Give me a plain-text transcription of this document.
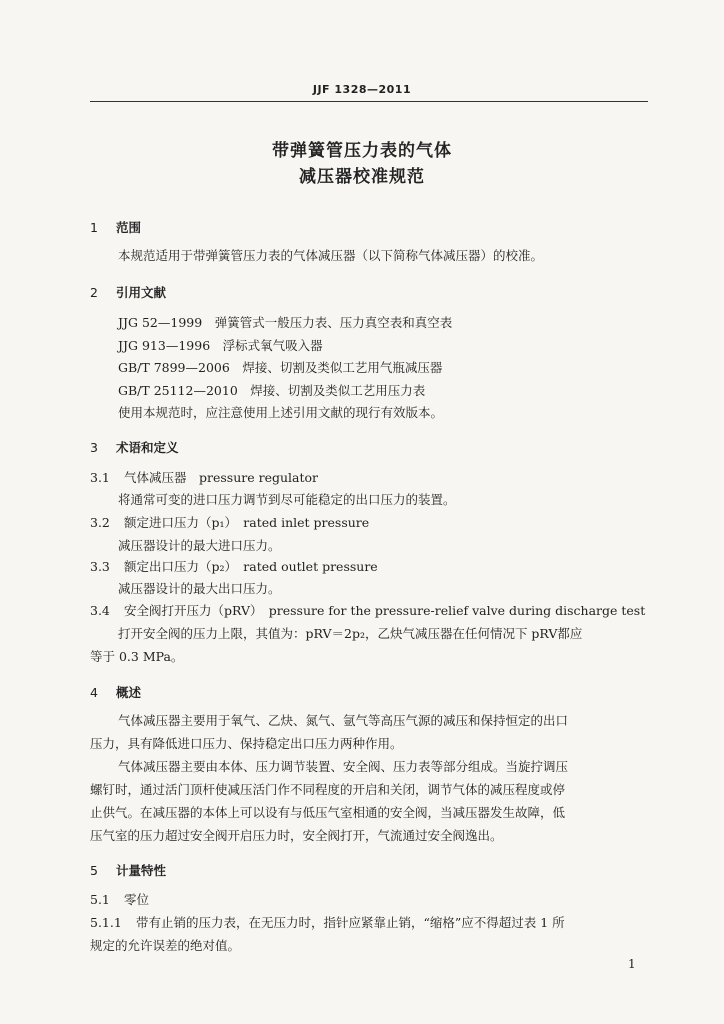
JJF 1328—2011
带弹簧管压力表的气体
减压器校准规范
1 范围
本规范适用于带弹簧管压力表的气体减压器（以下简称气体减压器）的校准。
2 引用文献
JJG 52—1999　弹簧管式一般压力表、压力真空表和真空表
JJG 913—1996　浮标式氧气吸入器
GB/T 7899—2006　焊接、切割及类似工艺用气瓶减压器
GB/T 25112—2010　焊接、切割及类似工艺用压力表
使用本规范时，应注意使用上述引用文献的现行有效版本。
3 术语和定义
3.1 气体减压器　pressure regulator
将通常可变的进口压力调节到尽可能稳定的出口压力的装置。
3.2 额定进口压力（p₁）　rated inlet pressure
减压器设计的最大进口压力。
3.3 额定出口压力（p₂）　rated outlet pressure
减压器设计的最大出口压力。
3.4 安全阀打开压力（pRV）　pressure for the pressure-relief valve during discharge test
打开安全阀的压力上限，其值为：pRV＝2p₂，乙炔气减压器在任何情况下 pRV都应
等于 0.3 MPa。
4 概述
气体减压器主要用于氧气、乙炔、氮气、氩气等高压气源的减压和保持恒定的出口
压力，具有降低进口压力、保持稳定出口压力两种作用。
气体减压器主要由本体、压力调节装置、安全阀、压力表等部分组成。当旋拧调压
螺钉时，通过活门顶杆使减压活门作不同程度的开启和关闭，调节气体的减压程度或停
止供气。在减压器的本体上可以设有与低压气室相通的安全阀，当减压器发生故障，低
压气室的压力超过安全阀开启压力时，安全阀打开，气流通过安全阀逸出。
5 计量特性
5.1 零位
5.1.1 带有止销的压力表，在无压力时，指针应紧靠止销，“缩格”应不得超过表 1 所
规定的允许误差的绝对值。
1
